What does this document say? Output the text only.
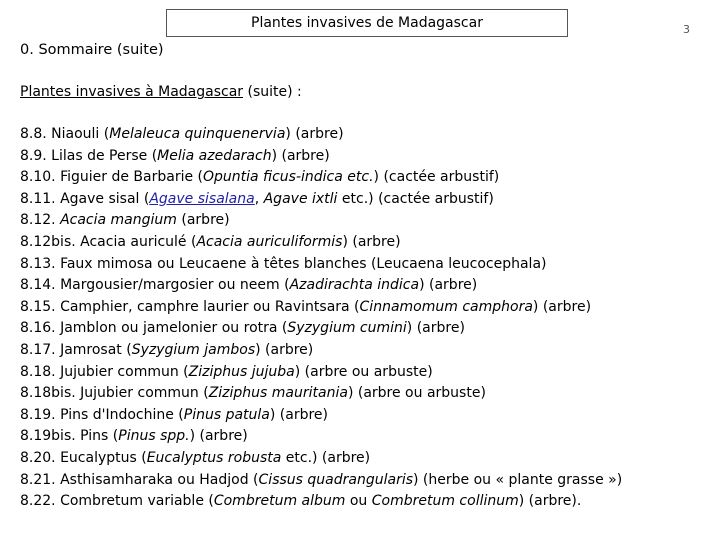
Plantes invasives de Madagascar	3
0. Sommaire (suite)
Plantes invasives à Madagascar (suite) :
8.8. Niaouli (Melaleuca quinquenervia) (arbre)
8.9. Lilas de Perse (Melia azedarach) (arbre)
8.10. Figuier de Barbarie (Opuntia ficus-indica etc.) (cactée arbustif)
8.11. Agave sisal (Agave sisalana, Agave ixtli etc.) (cactée arbustif)
8.12. Acacia mangium (arbre)
8.12bis. Acacia auriculé (Acacia auriculiformis) (arbre)
8.13. Faux mimosa ou Leucaene à têtes blanches (Leucaena leucocephala)
8.14. Margousier/margosier ou neem (Azadirachta indica) (arbre)
8.15. Camphier, camphre laurier ou Ravintsara (Cinnamomum camphora) (arbre)
8.16. Jamblon ou jamelonier ou rotra (Syzygium cumini) (arbre)
8.17. Jamrosat (Syzygium jambos) (arbre)
8.18. Jujubier commun (Ziziphus jujuba) (arbre ou arbuste)
8.18bis. Jujubier commun (Ziziphus mauritania) (arbre ou arbuste)
8.19. Pins d'Indochine (Pinus patula) (arbre)
8.19bis. Pins (Pinus spp.) (arbre)
8.20. Eucalyptus (Eucalyptus robusta etc.) (arbre)
8.21. Asthisamharaka ou Hadjod (Cissus quadrangularis) (herbe ou « plante grasse »)
8.22. Combretum variable (Combretum album ou Combretum collinum) (arbre).
